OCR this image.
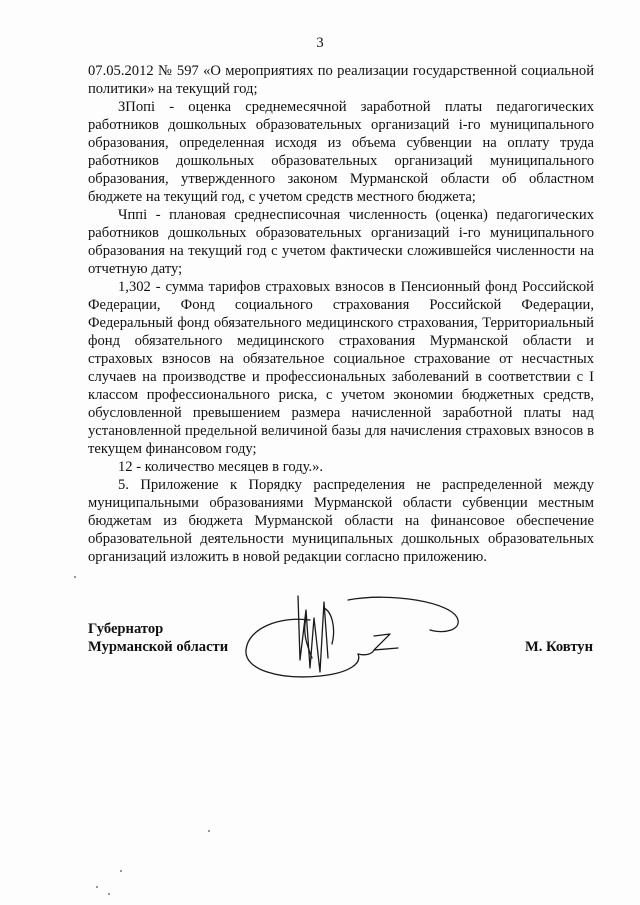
3

07.05.2012 № 597 «О мероприятиях по реализации государственной социальной политики» на текущий год;

ЗПопi - оценка среднемесячной заработной платы педагогических работников дошкольных образовательных организаций i-го муниципального образования, определенная исходя из объема субвенции на оплату труда работников дошкольных образовательных организаций муниципального образования, утвержденного законом Мурманской области об областном бюджете на текущий год, с учетом средств местного бюджета;

Чппi - плановая среднесписочная численность (оценка) педагогических работников дошкольных образовательных организаций i-го муниципального образования на текущий год с учетом фактически сложившейся численности на отчетную дату;

1,302 - сумма тарифов страховых взносов в Пенсионный фонд Российской Федерации, Фонд социального страхования Российской Федерации, Федеральный фонд обязательного медицинского страхования, Территориальный фонд обязательного медицинского страхования Мурманской области и страховых взносов на обязательное социальное страхование от несчастных случаев на производстве и профессиональных заболеваний в соответствии с I классом профессионального риска, с учетом экономии бюджетных средств, обусловленной превышением размера начисленной заработной платы над установленной предельной величиной базы для начисления страховых взносов в текущем финансовом году;

12 - количество месяцев в году.».

5. Приложение к Порядку распределения не распределенной между муниципальными образованиями Мурманской области субвенции местным бюджетам из бюджета Мурманской области на финансовое обеспечение образовательной деятельности муниципальных дошкольных образовательных организаций изложить в новой редакции согласно приложению.

Губернатор
Мурманской области	М. Ковтун
